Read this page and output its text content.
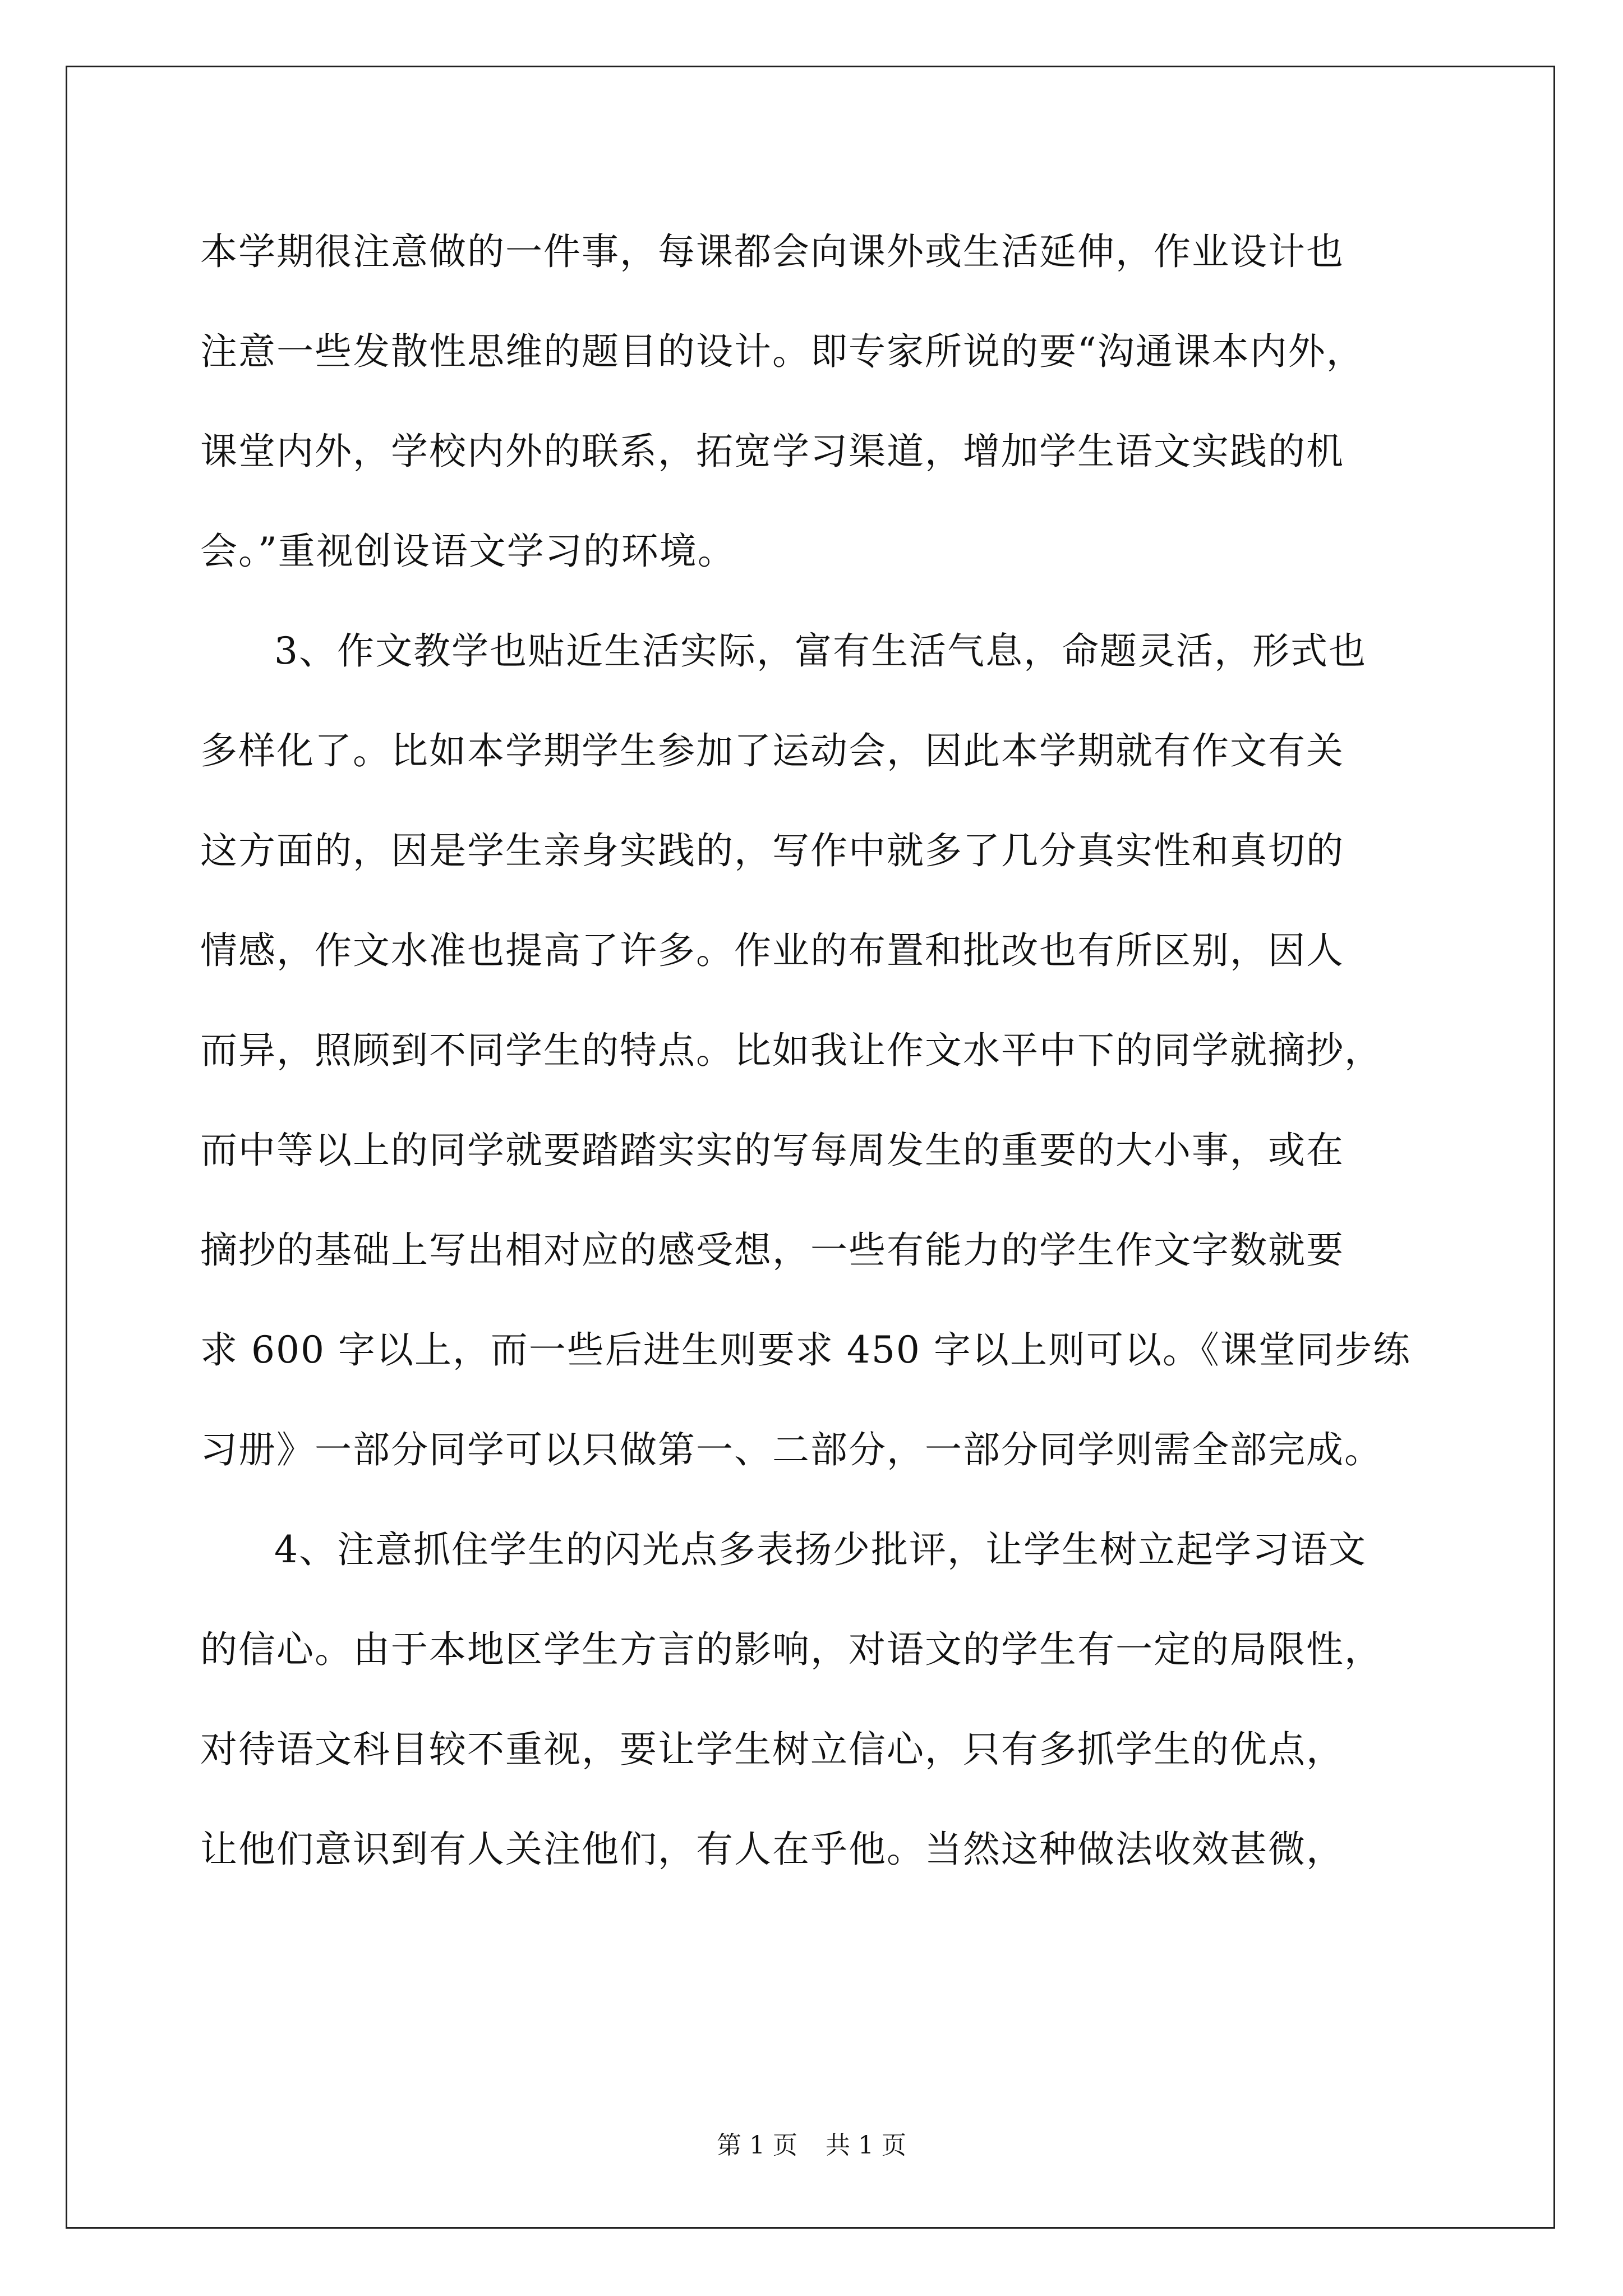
本学期很注意做的一件事，每课都会向课外或生活延伸，作业设计也
注意一些发散性思维的题目的设计。即专家所说的要“沟通课本内外，
课堂内外，学校内外的联系，拓宽学习渠道，增加学生语文实践的机
会。”重视创设语文学习的环境。
3、作文教学也贴近生活实际，富有生活气息，命题灵活，形式也
多样化了。比如本学期学生参加了运动会，因此本学期就有作文有关
这方面的，因是学生亲身实践的，写作中就多了几分真实性和真切的
情感，作文水准也提高了许多。作业的布置和批改也有所区别，因人
而异，照顾到不同学生的特点。比如我让作文水平中下的同学就摘抄，
而中等以上的同学就要踏踏实实的写每周发生的重要的大小事，或在
摘抄的基础上写出相对应的感受想，一些有能力的学生作文字数就要
求 600 字以上，而一些后进生则要求 450 字以上则可以。《课堂同步练
习册》一部分同学可以只做第一、二部分，一部分同学则需全部完成。
4、注意抓住学生的闪光点多表扬少批评，让学生树立起学习语文
的信心。由于本地区学生方言的影响，对语文的学生有一定的局限性，
对待语文科目较不重视，要让学生树立信心，只有多抓学生的优点，
让他们意识到有人关注他们，有人在乎他。当然这种做法收效甚微，
第 1 页 共 1 页
